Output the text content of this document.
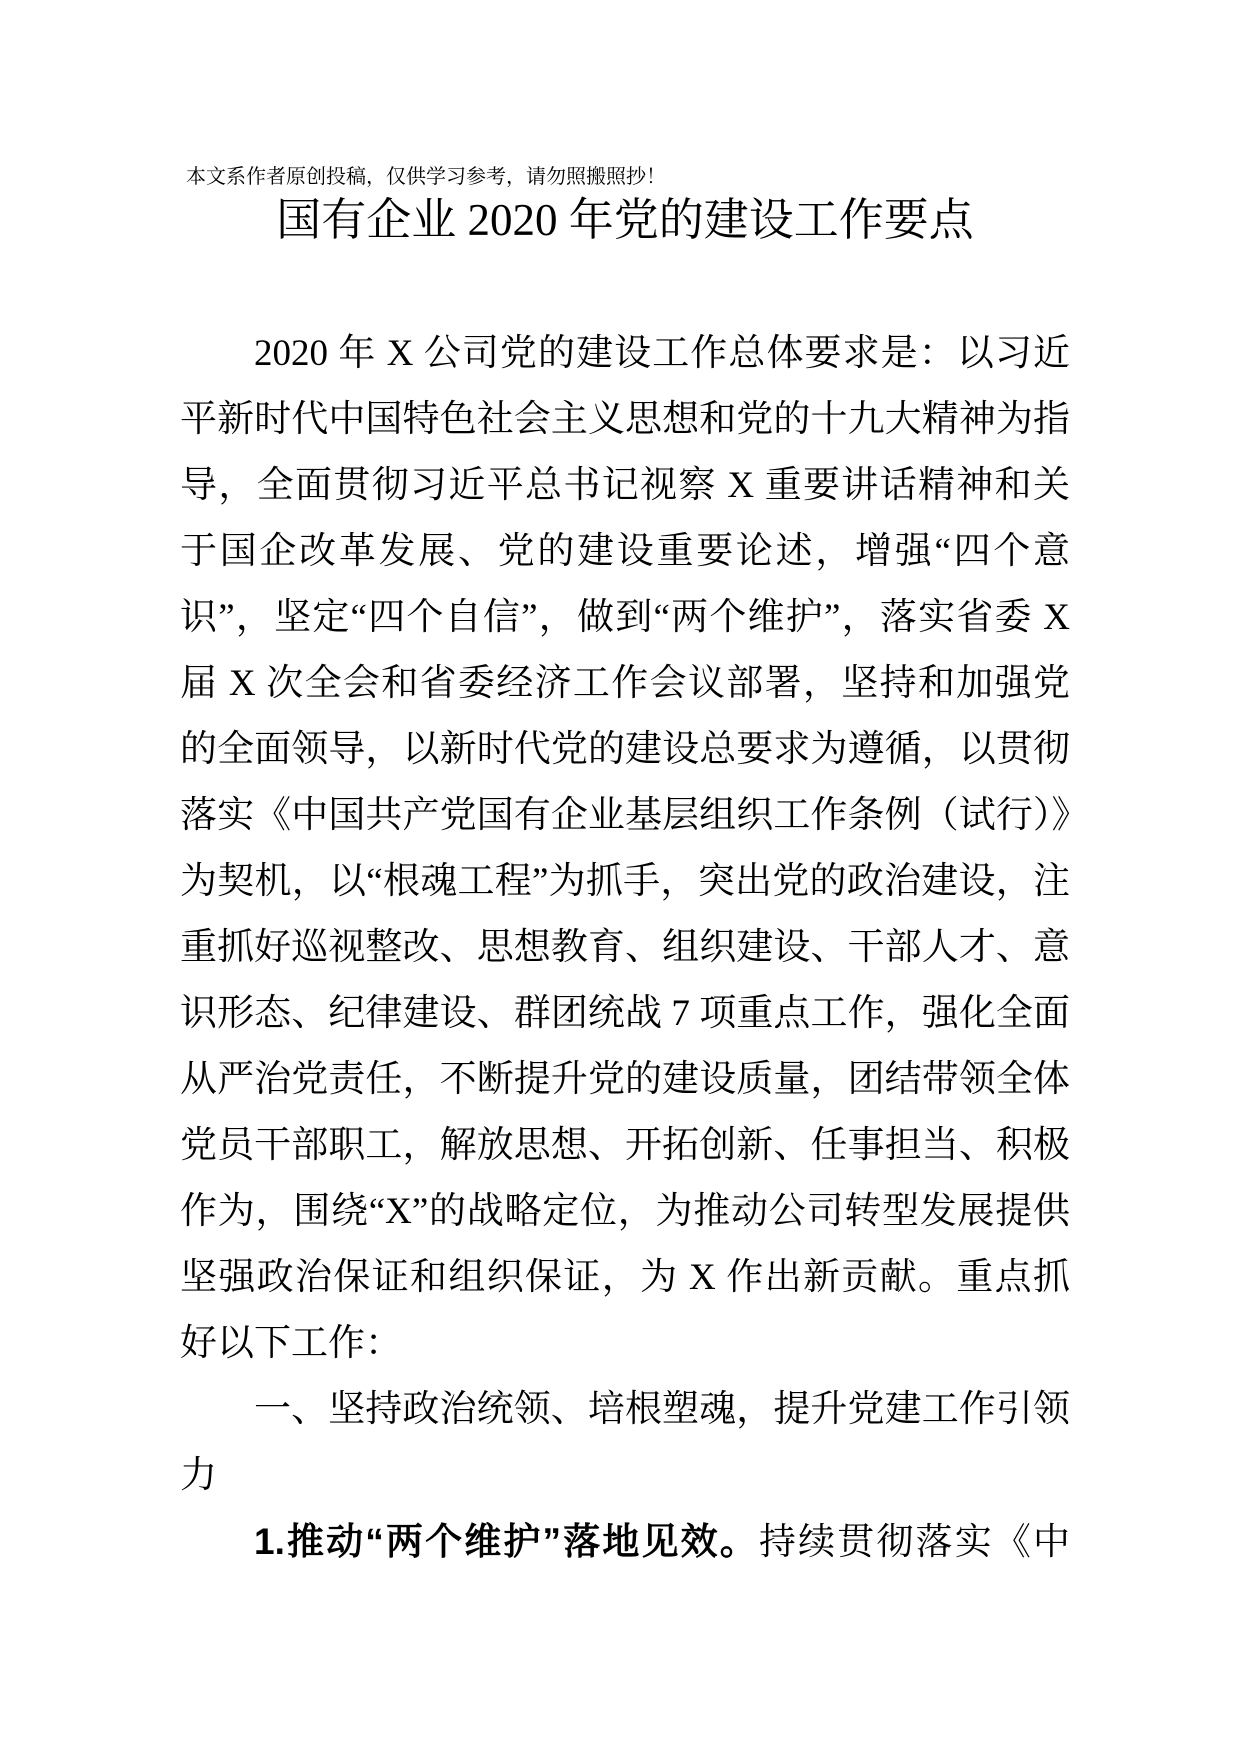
本文系作者原创投稿，仅供学习参考，请勿照搬照抄！

国有企业 2020 年党的建设工作要点

2020 年 X 公司党的建设工作总体要求是：以习近平新时代中国特色社会主义思想和党的十九大精神为指导，全面贯彻习近平总书记视察 X 重要讲话精神和关于国企改革发展、党的建设重要论述，增强“四个意识”，坚定“四个自信”，做到“两个维护”，落实省委 X 届 X 次全会和省委经济工作会议部署，坚持和加强党的全面领导，以新时代党的建设总要求为遵循，以贯彻落实《中国共产党国有企业基层组织工作条例（试行）》为契机，以“根魂工程”为抓手，突出党的政治建设，注重抓好巡视整改、思想教育、组织建设、干部人才、意识形态、纪律建设、群团统战 7 项重点工作，强化全面从严治党责任，不断提升党的建设质量，团结带领全体党员干部职工，解放思想、开拓创新、任事担当、积极作为，围绕“X”的战略定位，为推动公司转型发展提供坚强政治保证和组织保证，为 X 作出新贡献。重点抓好以下工作：

一、坚持政治统领、培根塑魂，提升党建工作引领力

1.推动“两个维护”落地见效。持续贯彻落实《中
